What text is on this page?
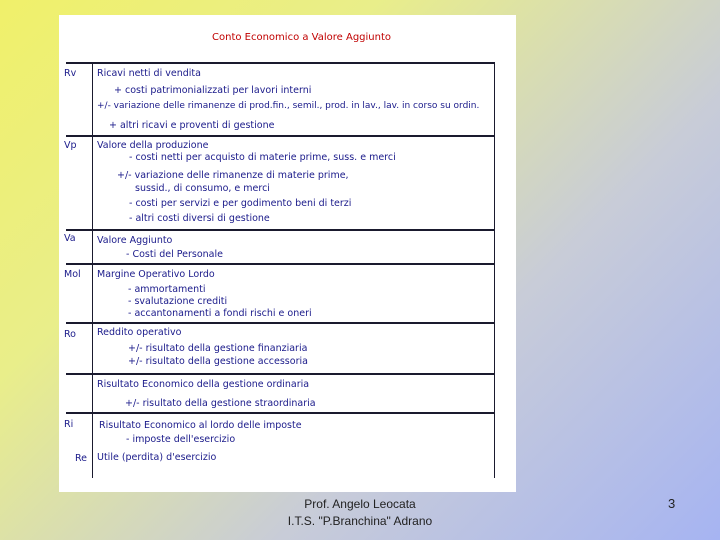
Conto Economico a Valore Aggiunto
Rv
Vp
Va
Mol
Ro
Ri
Re
Ricavi netti di vendita
+ costi patrimonializzati per lavori interni
+/- variazione delle rimanenze di prod.fin., semil., prod. in lav., lav. in corso su ordin.
+ altri ricavi e proventi di gestione
Valore della produzione
- costi netti per acquisto di materie prime, suss. e merci
+/- variazione delle rimanenze di materie prime,
sussid., di consumo, e merci
- costi per servizi e per godimento beni di terzi
- altri costi diversi di gestione
Valore Aggiunto
- Costi del Personale
Margine Operativo Lordo
- ammortamenti
- svalutazione crediti
- accantonamenti a fondi rischi e oneri
Reddito operativo
+/- risultato della gestione finanziaria
+/- risultato della gestione accessoria
Risultato Economico della gestione ordinaria
+/- risultato della gestione straordinaria
Risultato Economico al lordo delle imposte
- imposte dell'esercizio
Utile (perdita) d'esercizio
Prof. Angelo Leocata
I.T.S. "P.Branchina" Adrano
3
